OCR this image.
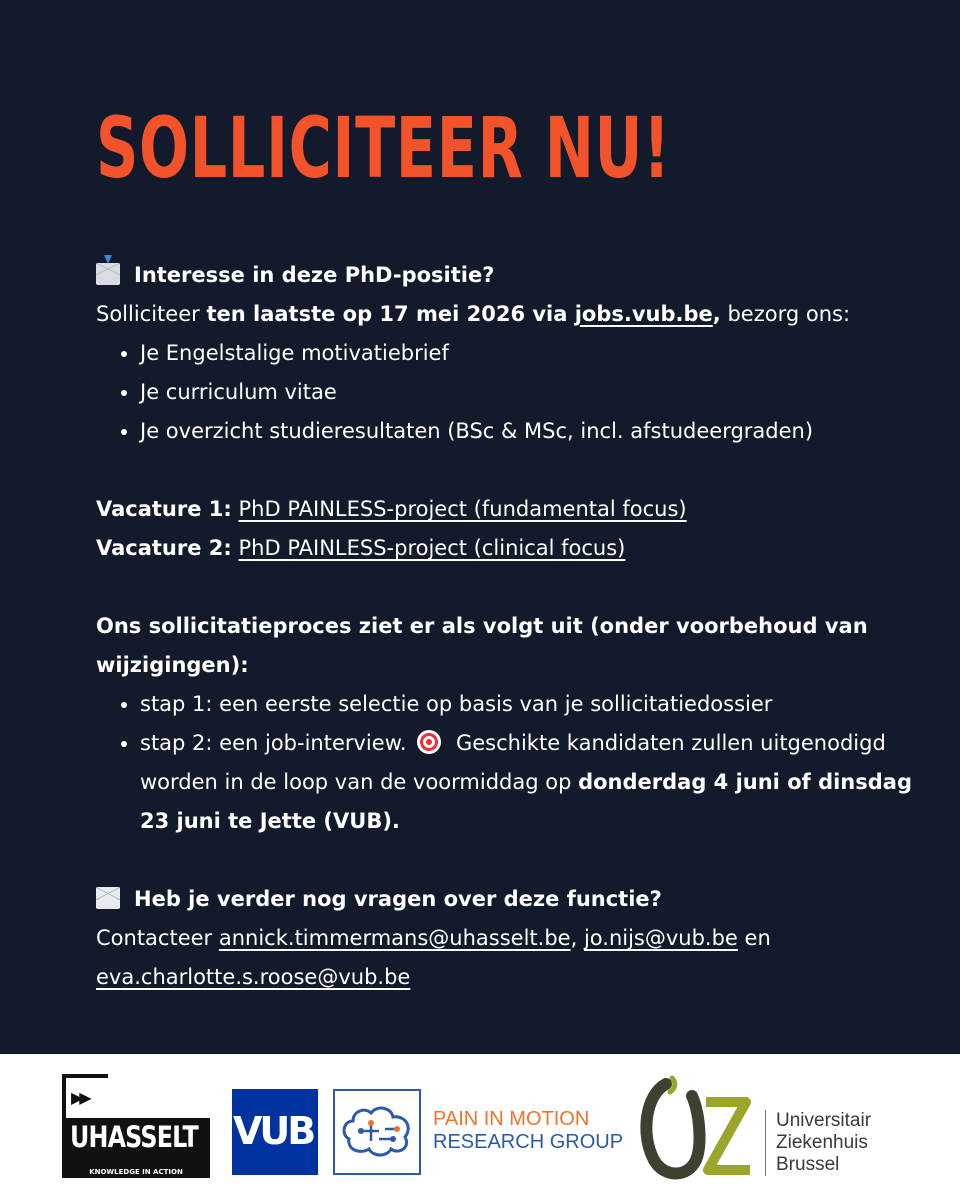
SOLLICITEER NU!

Interesse in deze PhD-positie?

Solliciteer ten laatste op 17 mei 2026 via jobs.vub.be, bezorg ons:

• Je Engelstalige motivatiebrief
• Je curriculum vitae
• Je overzicht studieresultaten (BSc & MSc, incl. afstudeergraden)

Vacature 1: PhD PAINLESS-project (fundamental focus)

Vacature 2: PhD PAINLESS-project (clinical focus)

Ons sollicitatieproces ziet er als volgt uit (onder voorbehoud van wijzigingen):

• stap 1: een eerste selectie op basis van je sollicitatiedossier
• stap 2: een job-interview.  Geschikte kandidaten zullen uitgenodigd worden in de loop van de voormiddag op donderdag 4 juni of dinsdag 23 juni te Jette (VUB).

Heb je verder nog vragen over deze functie?

Contacteer annick.timmermans@uhasselt.be, jo.nijs@vub.be en

eva.charlotte.s.roose@vub.be

▶▶
UHASSELT
KNOWLEDGE IN ACTION
VUB	PAIN IN MOTION
RESEARCH GROUP
Universitair
Ziekenhuis
Brussel
